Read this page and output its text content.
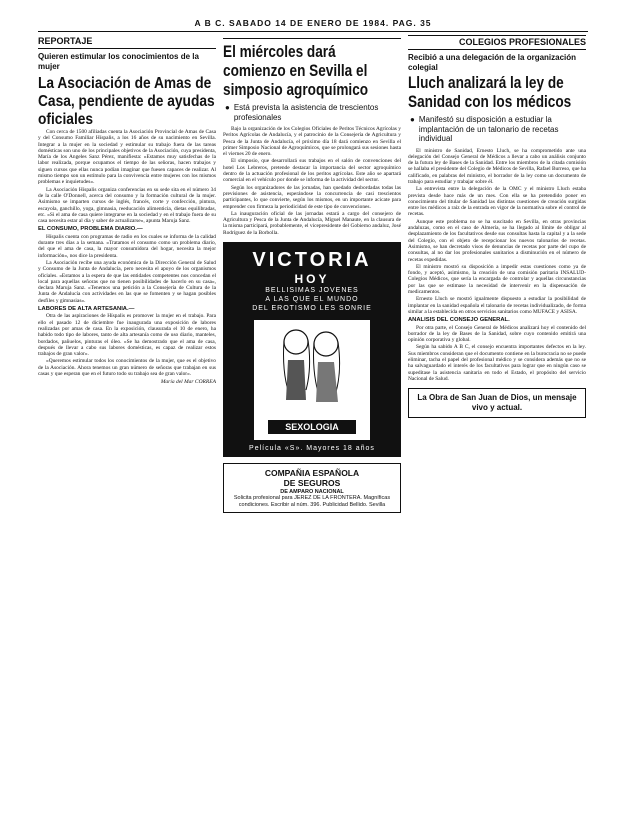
A B C. SABADO 14 DE ENERO DE 1984. PAG. 35
REPORTAJE
Quieren estimular los conocimientos de la mujer
La Asociación de Amas de Casa, pendiente de ayudas oficiales

Con cerca de 1500 afiliadas cuenta la Asociación Provincial de Amas de Casa y del Consumo Familiar Híspalis, a los 16 años de su nacimiento en Sevilla. Integrar a la mujer en la sociedad y estimular su trabajo fuera de las tareas domésticas son uno de los principales objetivos de la Asociación, cuya presidenta, María de los Angeles Sanz Pérez, manifiesta: «Estamos muy satisfechas de la labor realizada, porque ocupamos el tiempo de las señoras, hacen trabajos y siguen cursos que ellas nunca podían imaginar que fuesen capaces de realizar. Al mismo tiempo son un estímulo para la convivencia entre mujeres con los mismos problemas e inquietudes».

La Asociación Híspalis organiza conferencias en su sede sita en el número 34 de la calle O'Donnell, acerca del consumo y la formación cultural de la mujer. Asimismo se imparten cursos de inglés, francés, corte y confección, pintura, escayola, ganchillo, yoga, gimnasia, reeducación alimenticia, dietas equilibradas, etc. «Si el ama de casa quiere integrarse en la sociedad y en el trabajo fuera de su casa necesita estar al día y saber de actualizarse», apunta Maruja Sanz.

EL CONSUMO, PROBLEMA DIARIO.—

Híspalis cuenta con programas de radio en los cuales se informa de la calidad durante tres días a la semana. «Tratamos el consumo como un problema diario, del que el ama de casa, la mayor consumidora del hogar, necesita la mejor información», nos dice la presidenta.

La Asociación recibe una ayuda económica de la Dirección General de Salud y Consumo de la Junta de Andalucía, pero necesita el apoyo de los organismos oficiales. «Estamos a la espera de que las entidades competentes nos concedan el local para aquellas señoras que no tienen posibilidades de hacerlo en su casa», declara Maruja Sanz. «Tenemos una petición a la Consejería de Cultura de la Junta de Andalucía con actividades en las que se fomenten y se hagan posibles desfiles y gimnasias».

LABORES DE ALTA ARTESANIA.—

Otra de las aspiraciones de Híspalis es promover la mujer en el trabajo. Para ello el pasado 12 de diciembre fue inaugurada una exposición de labores realizadas por amas de casa. En la exposición, clausurada el 10 de enero, ha habido todo tipo de labores, tanto de alta artesanía como de uso diario, manteles, bordados, pañuelos, pinturas el óleo. «Se ha demostrado que el ama de casa, después de llevar a cabo sus labores domésticas, es capaz de realizar estos trabajos de gran valor».

«Queremos estimular todos los conocimientos de la mujer, que es el objetivo de la Asociación. Ahora tenemos un gran número de señoras que trabajan en sus casas y que esperan que en el futuro todo su trabajo sea de gran valor».

María del Mar CORREA
El miércoles dará comienzo en Sevilla el simposio agroquímico
● Está prevista la asistencia de trescientos profesionales

Bajo la organización de los Colegios Oficiales de Peritos Técnicos Agrícolas y Peritos Agrícolas de Andalucía, y el patrocinio de la Consejería de Agricultura y Pesca de la Junta de Andalucía, el próximo día 18 dará comienzo en Sevilla el primer Simposio Nacional de Agroquímicos, que se prolongará sus sesiones hasta el viernes 20 de enero.

El simposio, que desarrollará sus trabajos en el salón de convenciones del hotel Los Lebreros, pretende destacar la importancia del sector agroquímico dentro de la actuación profesional de los peritos agrícolas. Este año se apartará comercial en el vehículo por donde se informa de la actividad del sector.

Según los organizadores de las jornadas, han quedado desbordadas todas las previsiones de asistencia, esperándose la concurrencia de casi trescientos participantes, lo que convierte, según los mismos, en un importante acicate para emprender con firmeza la periodicidad de este tipo de convenciones.

La inauguración oficial de las jornadas estará a cargo del consejero de Agricultura y Pesca de la Junta de Andalucía, Miguel Manaute, en la clausura de la misma participará, probablemente, el vicepresidente del Gobierno andaluz, José Rodríguez de la Borbolla.

VICTORIA
HOY
BELLISIMAS JOVENES
A LAS QUE EL MUNDO
DEL EROTISMO LES SONRIE
SEXOLOGIA
Película «S». Mayores 18 años
COMPAÑIA ESPAÑOLA
DE SEGUROS
DE AMPARO NACIONAL
Solicita profesional para JEREZ DE LA FRONTERA. Magníficas condiciones. Escribir al núm. 396. Publicidad Bellido. Sevilla
COLEGIOS PROFESIONALES
Recibió a una delegación de la organización colegial
Lluch analizará la ley de Sanidad con los médicos
● Manifestó su disposición a estudiar la implantación de un talonario de recetas individual

El ministro de Sanidad, Ernesto Lluch, se ha comprometido ante una delegación del Consejo General de Médicos a llevar a cabo un análisis conjunto de la futura ley de Bases de la Sanidad. Entre los miembros de la citada comisión se hallaba el presidente del Colegio de Médicos de Sevilla, Rafael Burreso, que ha calificado, en palabras del ministro, el borrador de la ley como un documento de trabajo para estudiar y trabajar sobre él.

La entrevista entre la delegación de la OMC y el ministro Lluch estaba prevista desde hace más de un mes. Con ella se ha pretendido poner en conocimiento del titular de Sanidad las distintas cuestiones de creación surgidas entre los médicos a raíz de la entrada en vigor de la normativa sobre el control de recetas.

Aunque este problema no se ha suscitado en Sevilla, en otras provincias andaluzas, como en el caso de Almería, se ha llegado al límite de obligar al desplazamiento de los facultativos desde sus consultas hasta la capital y a la sede del Colegio, con el objeto de recepcionar los nuevos talonarios de recetas. Asimismo, se han decretado visos de denuncias de recetas por parte del cupo de consultas, al no dar los profesionales sanitarios a disminución en el número de recetas expedidas.

El ministro mostró su disposición a impedir estas cuestiones como ya de fondo, y aceptó, asimismo, la creación de una comisión paritaria INSALUD-Colegios Médicos, que sería la encargada de controlar y aquellas circunstancias por las que se estimase la necesidad de intervenir en la dispensación de medicamentos.

Ernesto Lluch se mostró igualmente dispuesto a estudiar la posibilidad de implantar en la sanidad española el talonario de recetas individualizado, de forma similar a la establecida en otros servicios sanitarios como MUFACE y ASISA.

ANALISIS DEL CONSEJO GENERAL.

Por otra parte, el Consejo General de Médicos analizará hoy el contenido del borrador de la ley de Bases de la Sanidad, sobre cuyo contenido emitirá una opinión corporativa y global.

Según ha sabido A B C, el consejo encuentra importantes defectos en la ley. Sus miembros consideran que el documento contiene en la burocracia no se puede eliminar, tacha el papel del profesional médico y se considera además que no se ha salvaguardado el interés de los facultativos para lograr que en ningún caso se supeditase la asistencia sanitaria en todo el Estado, el propósito del servicio Nacional de Salud.

La Obra de San Juan de Dios, un mensaje vivo y actual.
